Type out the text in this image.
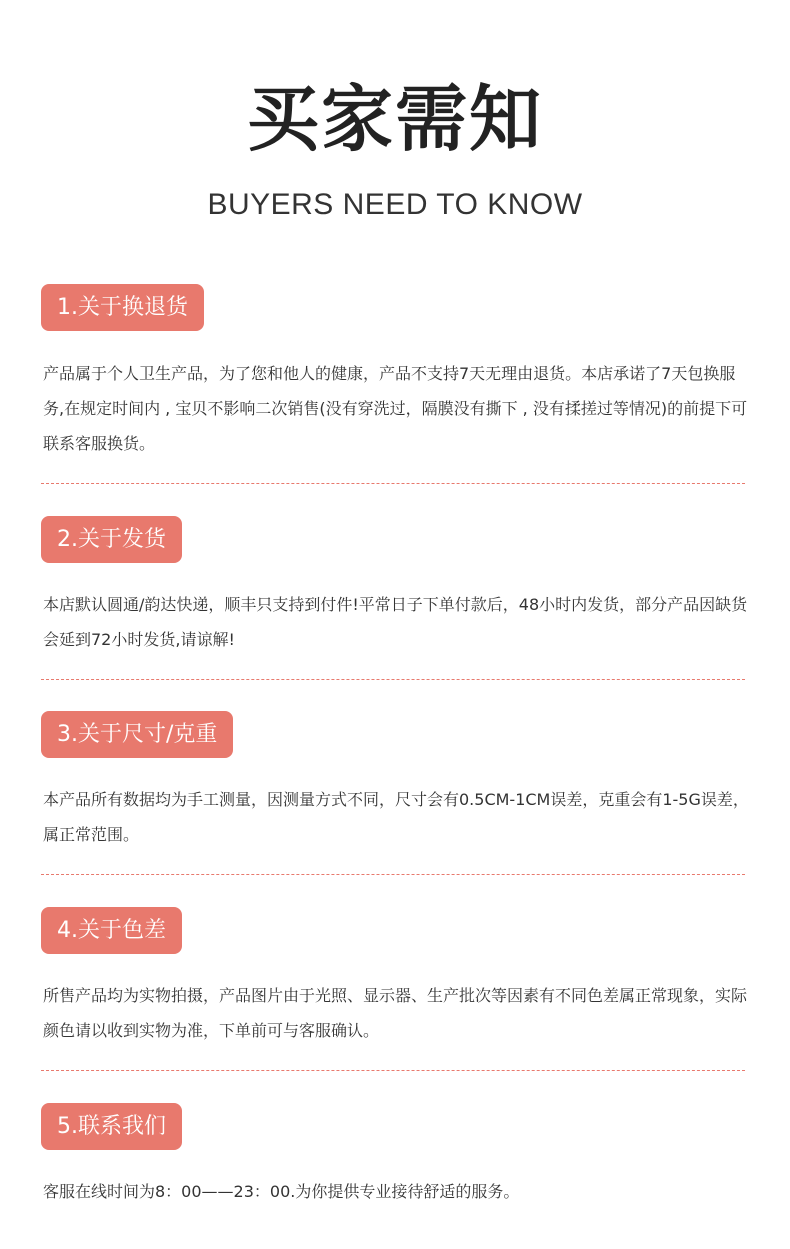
买家需知
BUYERS NEED TO KNOW
1.关于换退货
产品属于个人卫生产品，为了您和他人的健康，产品不支持7天无理由退货。本店承诺了7天包换服务,在规定时间内 , 宝贝不影响二次销售(没有穿洗过，隔膜没有撕下 , 没有揉搓过等情况)的前提下可联系客服换货。
2.关于发货
本店默认圆通/韵达快递，顺丰只支持到付件!平常日子下单付款后，48小时内发货，部分产品因缺货会延到72小时发货,请谅解!
3.关于尺寸/克重
本产品所有数据均为手工测量，因测量方式不同，尺寸会有0.5CM-1CM误差，克重会有1-5G误差，属正常范围。
4.关于色差
所售产品均为实物拍摄，产品图片由于光照、显示器、生产批次等因素有不同色差属正常现象，实际颜色请以收到实物为准，下单前可与客服确认。
5.联系我们
客服在线时间为8：00——23：00.为你提供专业接待舒适的服务。
